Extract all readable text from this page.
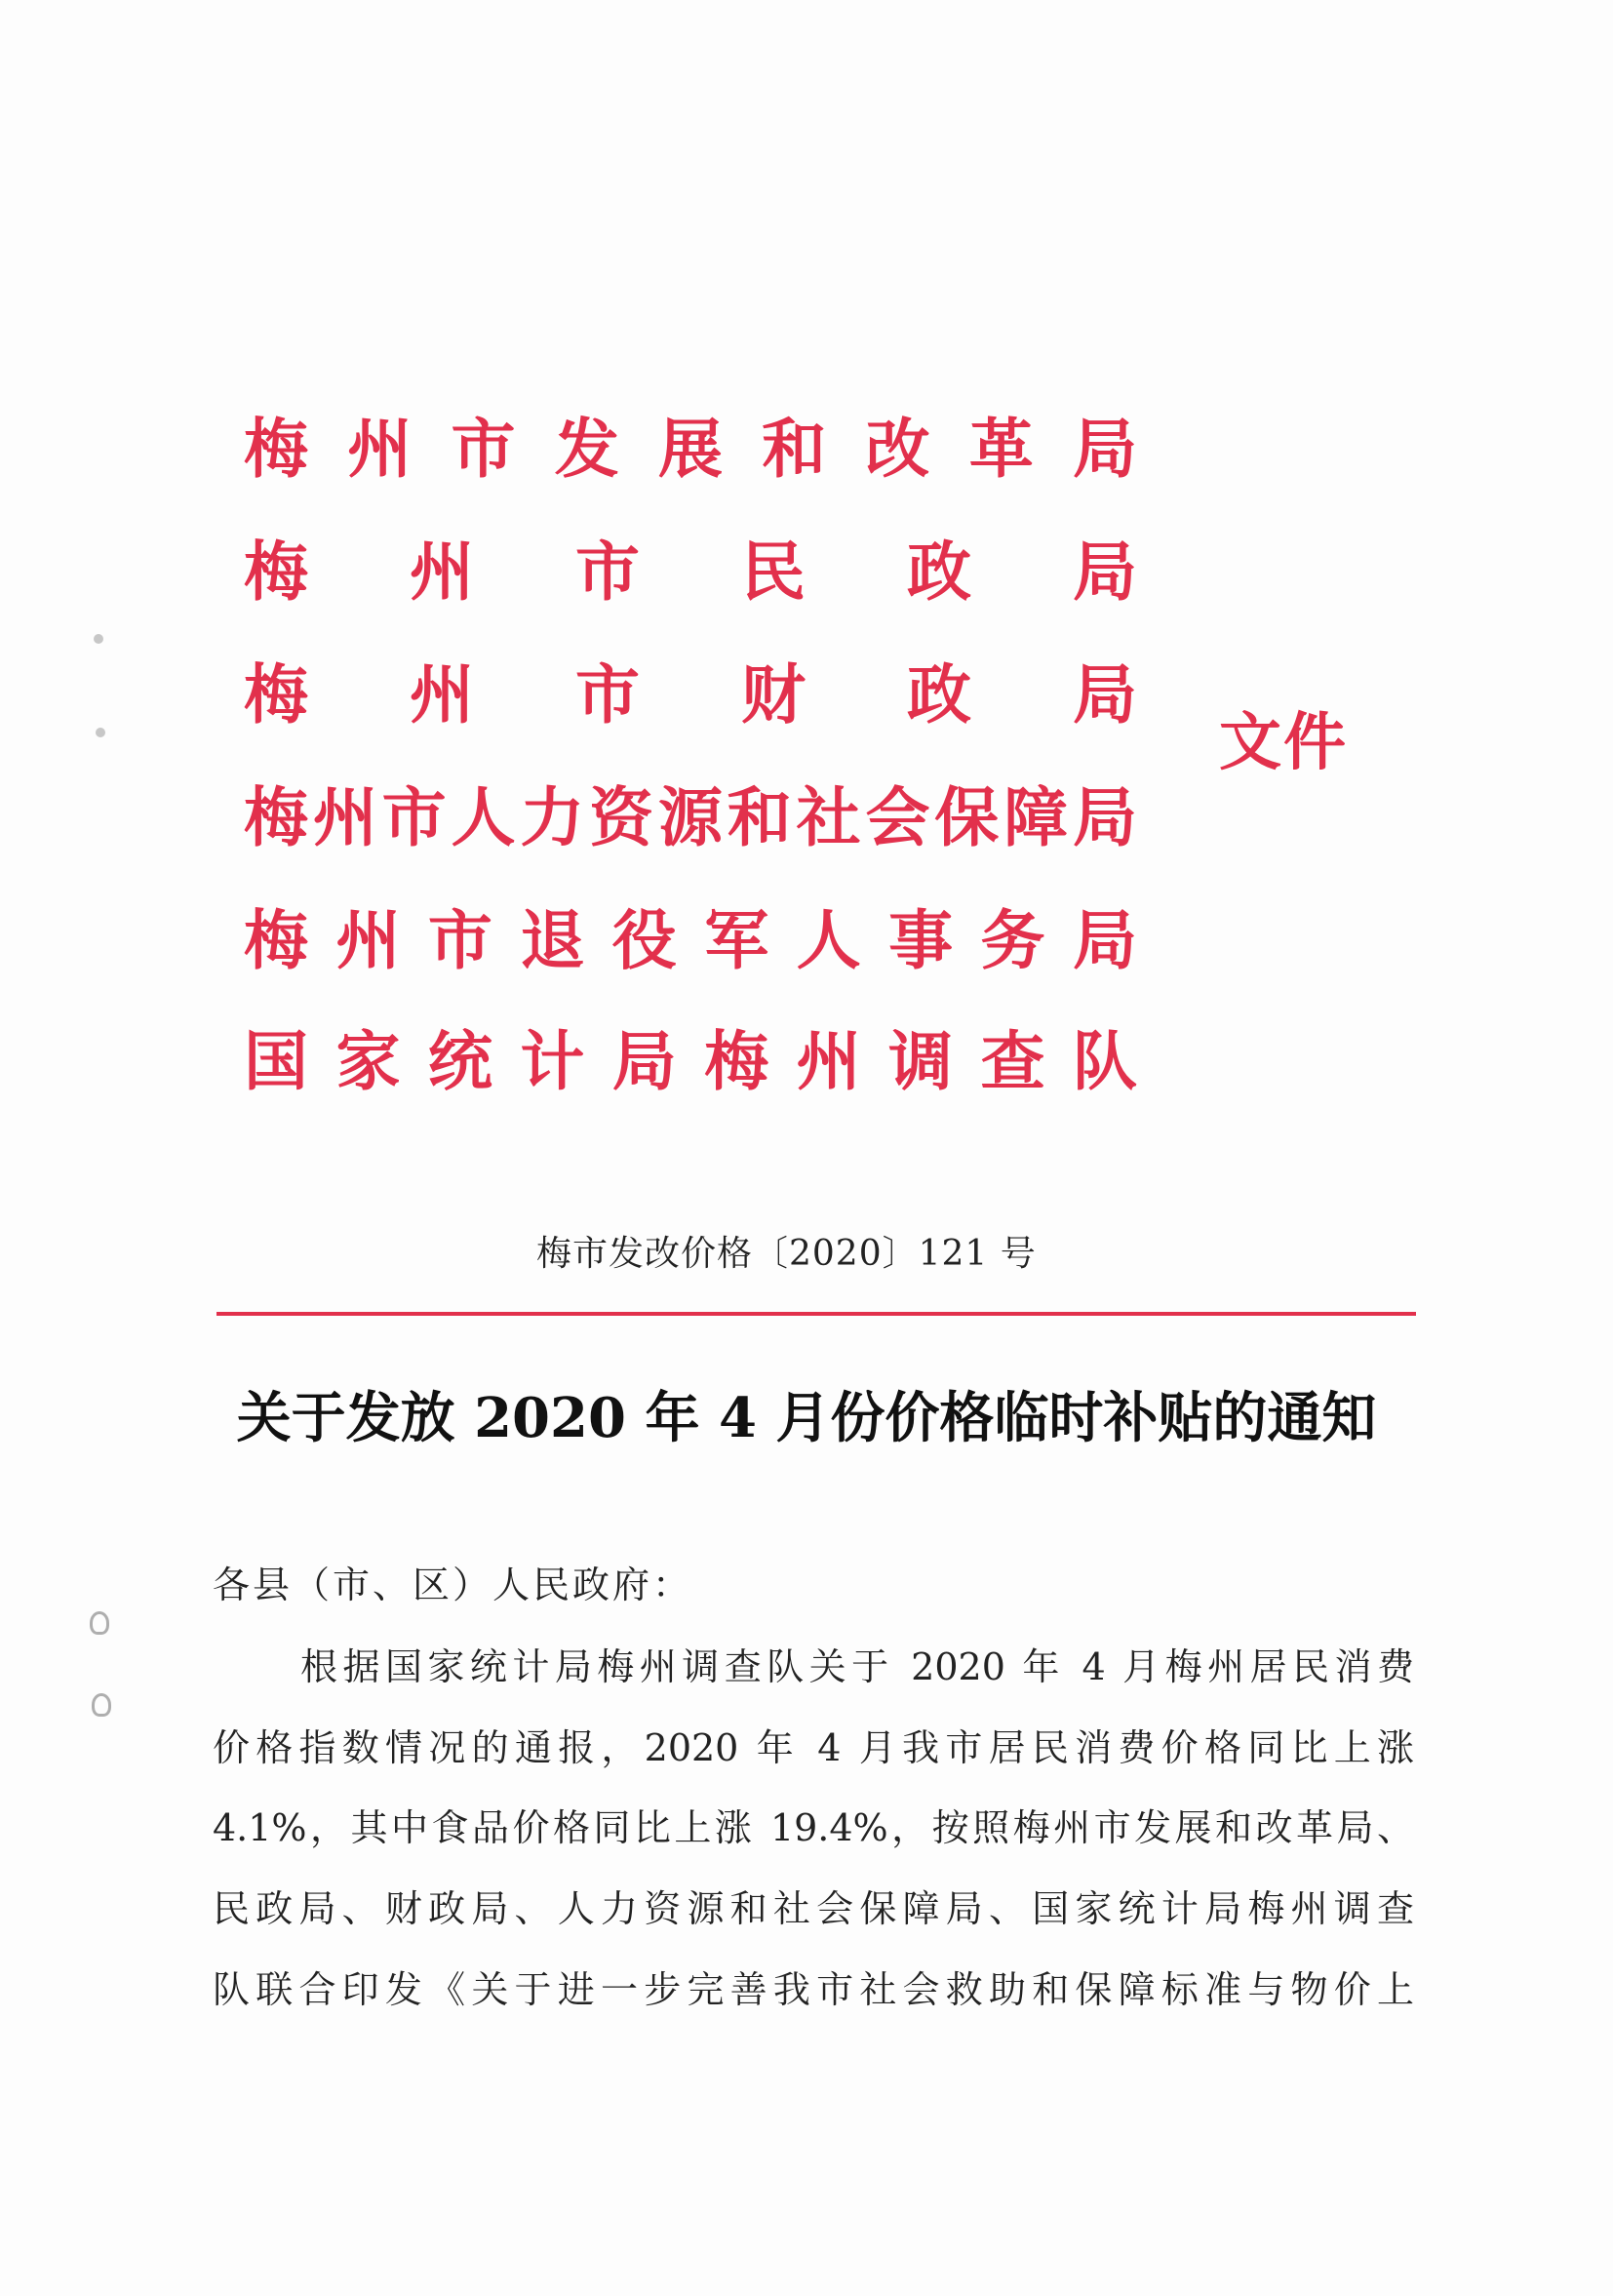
梅 州 市 发 展 和 改 革 局
梅 州 市 民 政 局
梅 州 市 财 政 局
梅 州 市 人 力 资 源 和 社 会 保 障 局
梅 州 市 退 役 军 人 事 务 局
国 家 统 计 局 梅 州 调 查 队
文件
梅市发改价格〔2020〕121 号
关于发放 2020 年 4 月份价格临时补贴的通知
各县（市、区）人民政府：
根据国家统计局梅州调查队关于 2020 年 4 月梅州居民消费
价格指数情况的通报，2020 年 4 月我市居民消费价格同比上涨
4.1%，其中食品价格同比上涨 19.4%，按照梅州市发展和改革局、
民政局、财政局、人力资源和社会保障局、国家统计局梅州调查
队联合印发《关于进一步完善我市社会救助和保障标准与物价上
